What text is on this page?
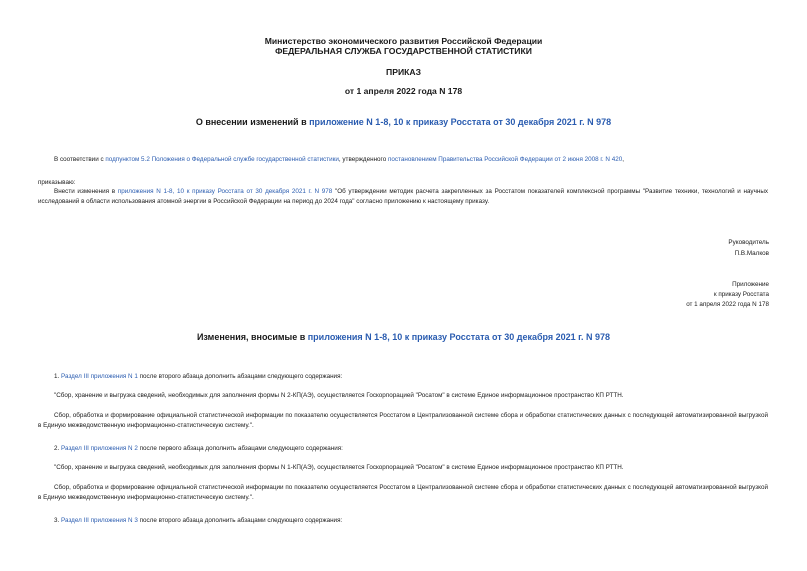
Министерство экономического развития Российской Федерации
ФЕДЕРАЛЬНАЯ СЛУЖБА ГОСУДАРСТВЕННОЙ СТАТИСТИКИ
ПРИКАЗ
от 1 апреля 2022 года N 178
О внесении изменений в приложение N 1-8, 10 к приказу Росстата от 30 декабря 2021 г. N 978
В соответствии с подпунктом 5.2 Положения о Федеральной службе государственной статистики, утвержденного постановлением Правительства Российской Федерации от 2 июня 2008 г. N 420,
приказываю:
Внести изменения в приложения N 1-8, 10 к приказу Росстата от 30 декабря 2021 г. N 978 "Об утверждении методик расчета закрепленных за Росстатом показателей комплексной программы "Развитие техники, технологий и научных исследований в области использования атомной энергии в Российской Федерации на период до 2024 года" согласно приложению к настоящему приказу.
Руководитель
П.В.Малков
Приложение
к приказу Росстата
от 1 апреля 2022 года N 178
Изменения, вносимые в приложения N 1-8, 10 к приказу Росстата от 30 декабря 2021 г. N 978
1. Раздел III приложения N 1 после второго абзаца дополнить абзацами следующего содержания:
"Сбор, хранение и выгрузка сведений, необходимых для заполнения формы N 2-КП(АЭ), осуществляется Госкорпорацией "Росатом" в системе Единое информационное пространство КП РТТН.
Сбор, обработка и формирование официальной статистической информации по показателю осуществляется Росстатом в Централизованной системе сбора и обработки статистических данных с последующей автоматизированной выгрузкой в Единую межведомственную информационно-статистическую систему.".
2. Раздел III приложения N 2 после первого абзаца дополнить абзацами следующего содержания:
"Сбор, хранение и выгрузка сведений, необходимых для заполнения формы N 1-КП(АЭ), осуществляется Госкорпорацией "Росатом" в системе Единое информационное пространство КП РТТН.
Сбор, обработка и формирование официальной статистической информации по показателю осуществляется Росстатом в Централизованной системе сбора и обработки статистических данных с последующей автоматизированной выгрузкой в Единую межведомственную информационно-статистическую систему.".
3. Раздел III приложения N 3 после второго абзаца дополнить абзацами следующего содержания:
